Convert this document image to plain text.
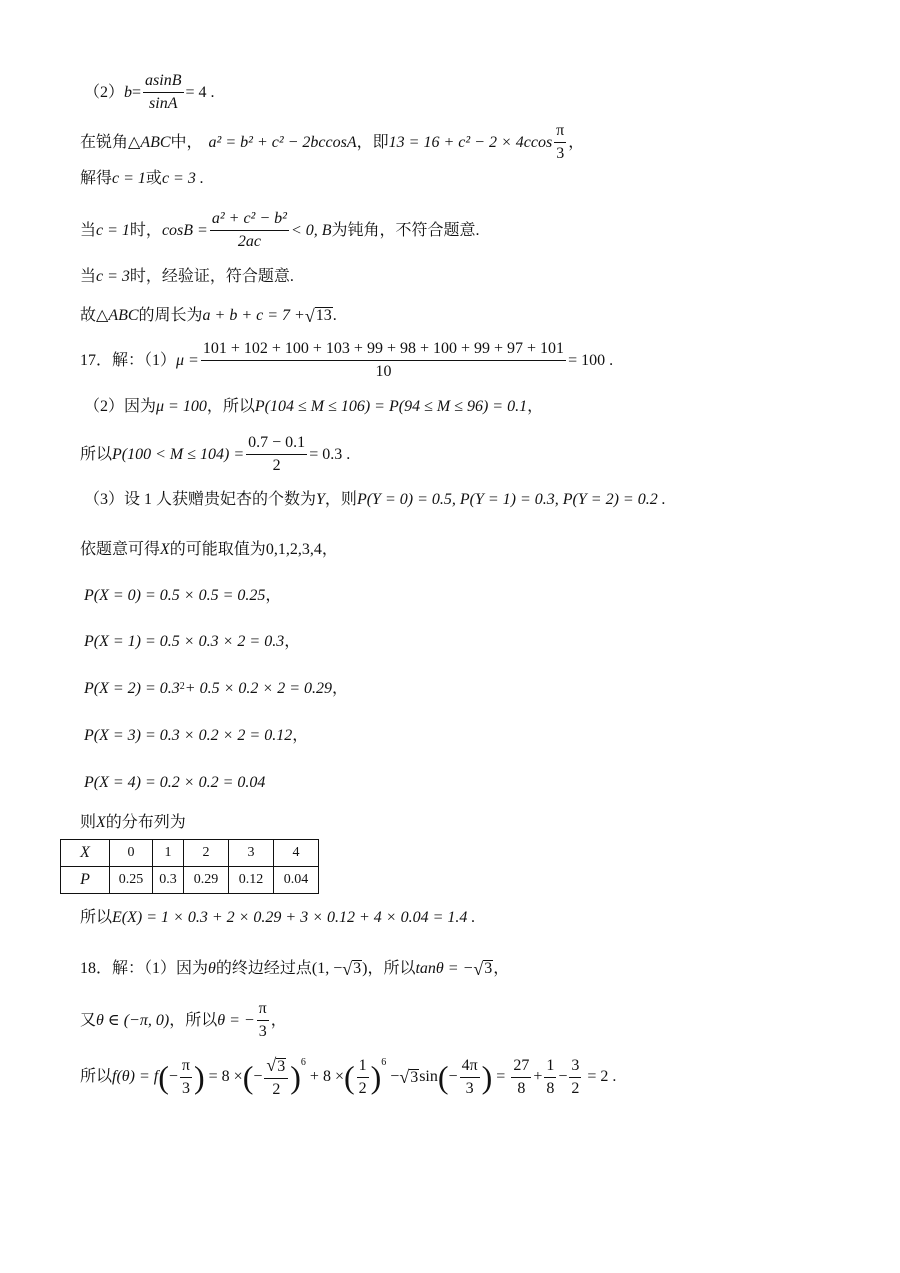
（2） $b = \frac{asinB}{\sin A} = 4$ .
在锐角△ ABC 中， a² = b² + c² − 2bccosA ，即 $13 = 16 + c^2 - 2 \times 4ccos \frac{\pi}{3}$ ，
解得 c = 1 或 c = 3 .
当 c = 1 时， $\cos B = \frac{\text{a² + c² − b²}}{2ac} < 0$, B 为钝角，不符合题意.
当 c = 3 时，经验证，符合题意.
故△ ABC 的周长为 a + b + c = 7 + √ 13 .
17．解：（1） $\mu = \frac{101 + 102 + 100 + 103 + 99 + 98 + 100 + 99 + 97 + 101}{10} = 100$ .
（2）因为 μ = 100 ，所以 P(104 ≤ M ≤ 106) = P(94 ≤ M ≤ 96) = 0.1 ，
所以 $P(100 < M \le 104) = \frac{0.7 - 0.1}{2} = 0.3$ .
（3）设 1 人获赠贵妃杏的个数为 Y ，则 P(Y = 0) = 0.5, P(Y = 1) = 0.3, P(Y = 2) = 0.2 .
依题意可得 X 的可能取值为 0,1,2,3,4 ，
P(X = 0) = 0.5 × 0.5 = 0.25 ，
P(X = 1) = 0.5 × 0.3 × 2 = 0.3 ，
P(X = 2) = 0.3 2 + 0.5 × 0.2 × 2 = 0.29 ，
P(X = 3) = 0.3 × 0.2 × 2 = 0.12 ，
P(X = 4) = 0.2 × 0.2 = 0.04
则 X 的分布列为
X	0	1	2	3	4
P	0.25	0.3	0.29	0.12	0.04
所以 E(X) = 1 × 0.3 + 2 × 0.29 + 3 × 0.12 + 4 × 0.04 = 1.4 .
18．解：（1）因为 θ 的终边经过点 (1, − √ 3 ) ，所以 tanθ = − √ 3 ，
又 θ ∈ (−π, 0) ，所以 θ = − $\frac{\pi}{3}$ ，
所以 f(θ) = f ( − $\frac{\pi}{3}$ ) = 8 × ( − $\frac{√ 3}{2}$ ) 6
+ 8 × ( $\frac{1}{2}$ ) 6
− √ 3 sin ( − $\frac{4\pi}{3}$ ) = $\frac{27}{8} + \frac{1}{8} - \frac{3}{2} = 2$ .
